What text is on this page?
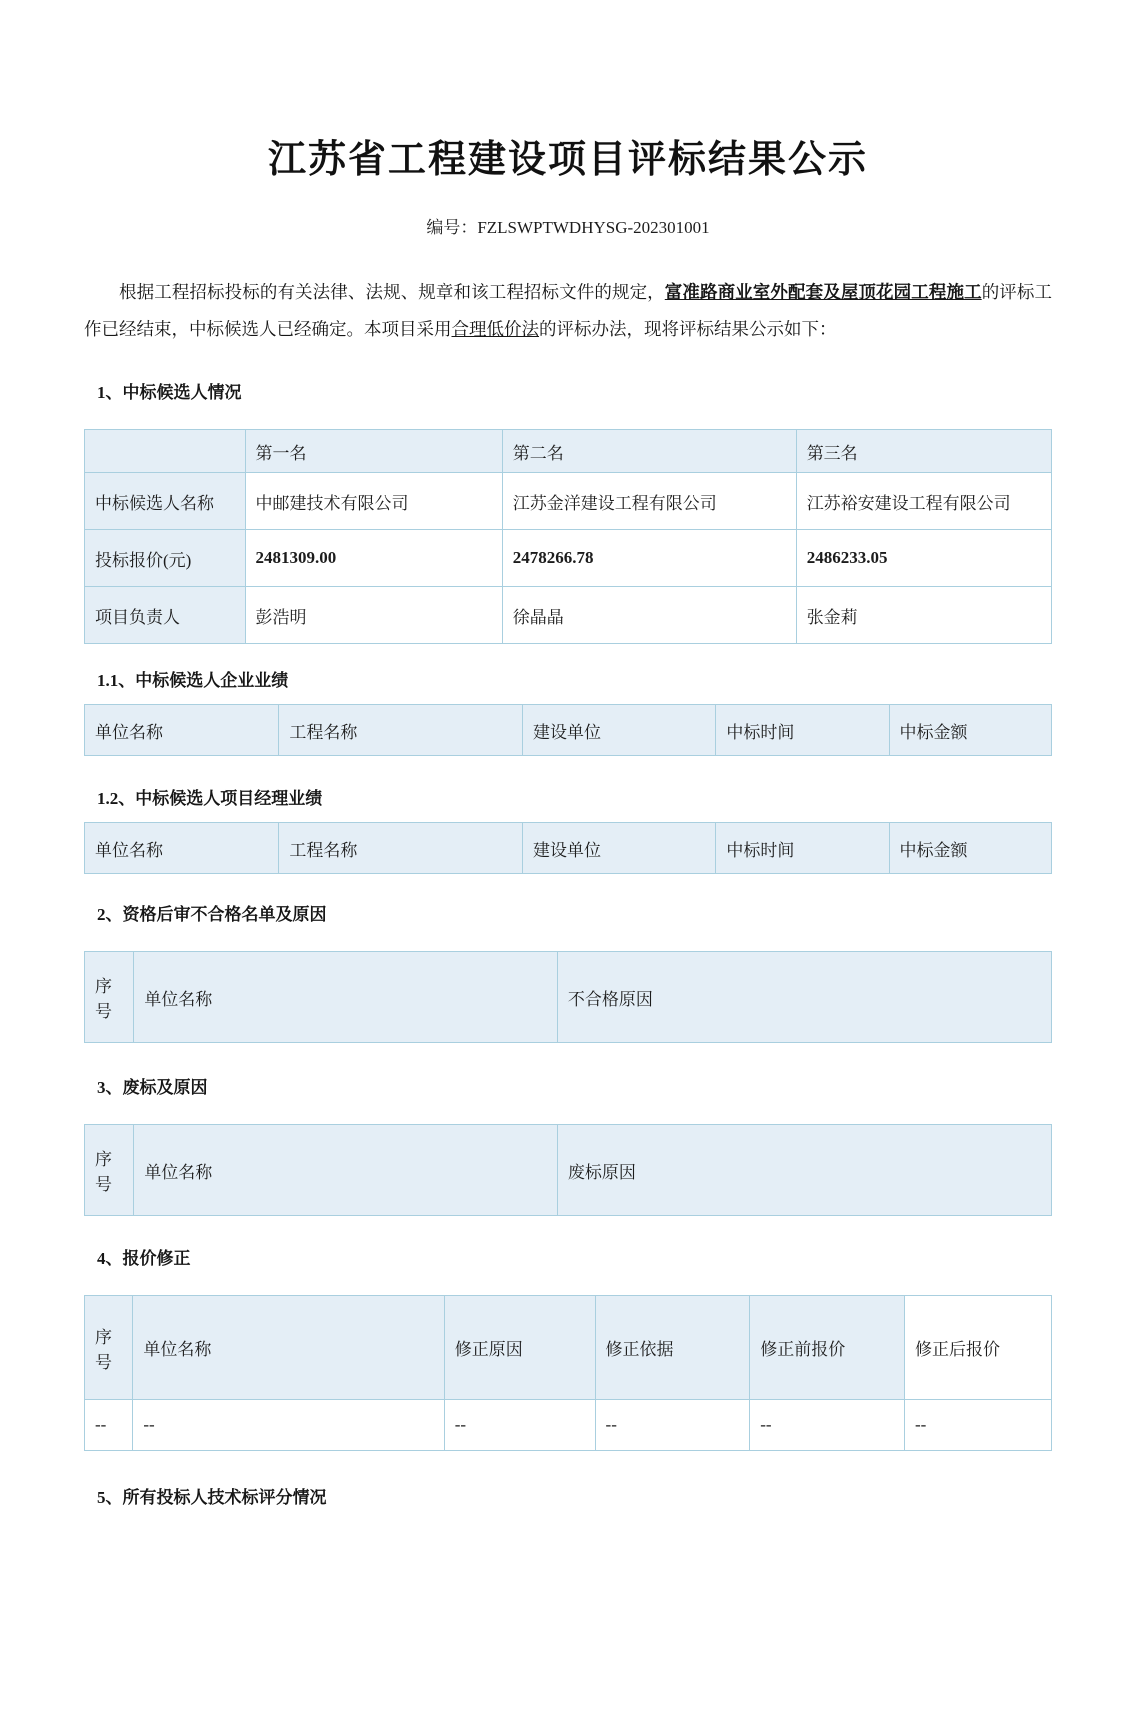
江苏省工程建设项目评标结果公示
编号：FZLSWPTWDHYSG-202301001

根据工程招标投标的有关法律、法规、规章和该工程招标文件的规定，富准路商业室外配套及屋顶花园工程施工的评标工作已经结束，中标候选人已经确定。本项目采用合理低价法的评标办法，现将评标结果公示如下：

1、中标候选人情况
	第一名	第二名	第三名
中标候选人名称	中邮建技术有限公司	江苏金洋建设工程有限公司	江苏裕安建设工程有限公司
投标报价(元)	2481309.00	2478266.78	2486233.05
项目负责人	彭浩明	徐晶晶	张金莉
1.1、中标候选人企业业绩
单位名称	工程名称	建设单位	中标时间	中标金额
1.2、中标候选人项目经理业绩
单位名称	工程名称	建设单位	中标时间	中标金额
2、资格后审不合格名单及原因
序号	单位名称	不合格原因
3、废标及原因
序号	单位名称	废标原因
4、报价修正
序号	单位名称	修正原因	修正依据	修正前报价	修正后报价
--	--	--	--	--	--
5、所有投标人技术标评分情况
